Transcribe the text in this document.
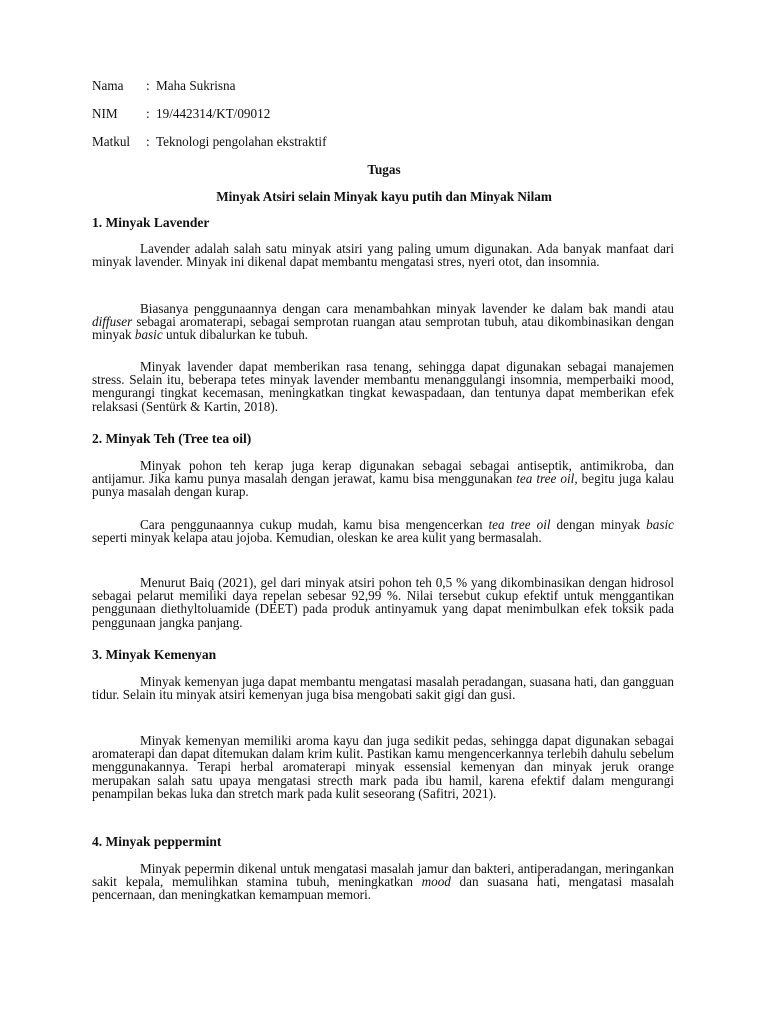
Nama : Maha Sukrisna
NIM : 19/442314/KT/09012
Matkul : Teknologi pengolahan ekstraktif
Tugas
Minyak Atsiri selain Minyak kayu putih dan Minyak Nilam
1. Minyak Lavender

Lavender adalah salah satu minyak atsiri yang paling umum digunakan. Ada banyak manfaat dari minyak lavender. Minyak ini dikenal dapat membantu mengatasi stres, nyeri otot, dan insomnia.

Biasanya penggunaannya dengan cara menambahkan minyak lavender ke dalam bak mandi atau diffuser sebagai aromaterapi, sebagai semprotan ruangan atau semprotan tubuh, atau dikombinasikan dengan minyak basic untuk dibalurkan ke tubuh.

Minyak lavender dapat memberikan rasa tenang, sehingga dapat digunakan sebagai manajemen stress. Selain itu, beberapa tetes minyak lavender membantu menanggulangi insomnia, memperbaiki mood, mengurangi tingkat kecemasan, meningkatkan tingkat kewaspadaan, dan tentunya dapat memberikan efek relaksasi (Sentürk & Kartin, 2018).

2. Minyak Teh (Tree tea oil)

Minyak pohon teh kerap juga kerap digunakan sebagai sebagai antiseptik, antimikroba, dan antijamur. Jika kamu punya masalah dengan jerawat, kamu bisa menggunakan tea tree oil, begitu juga kalau punya masalah dengan kurap.

Cara penggunaannya cukup mudah, kamu bisa mengencerkan tea tree oil dengan minyak basic seperti minyak kelapa atau jojoba. Kemudian, oleskan ke area kulit yang bermasalah.

Menurut Baiq (2021), gel dari minyak atsiri pohon teh 0,5 % yang dikombinasikan dengan hidrosol sebagai pelarut memiliki daya repelan sebesar 92,99 %. Nilai tersebut cukup efektif untuk menggantikan penggunaan diethyltoluamide (DEET) pada produk antinyamuk yang dapat menimbulkan efek toksik pada penggunaan jangka panjang.

3. Minyak Kemenyan

Minyak kemenyan juga dapat membantu mengatasi masalah peradangan, suasana hati, dan gangguan tidur. Selain itu minyak atsiri kemenyan juga bisa mengobati sakit gigi dan gusi.

Minyak kemenyan memiliki aroma kayu dan juga sedikit pedas, sehingga dapat digunakan sebagai aromaterapi dan dapat ditemukan dalam krim kulit. Pastikan kamu mengencerkannya terlebih dahulu sebelum menggunakannya. Terapi herbal aromaterapi minyak essensial kemenyan dan minyak jeruk orange merupakan salah satu upaya mengatasi strecth mark pada ibu hamil, karena efektif dalam mengurangi penampilan bekas luka dan stretch mark pada kulit seseorang (Safitri, 2021).

4. Minyak peppermint

Minyak pepermin dikenal untuk mengatasi masalah jamur dan bakteri, antiperadangan, meringankan sakit kepala, memulihkan stamina tubuh, meningkatkan mood dan suasana hati, mengatasi masalah pencernaan, dan meningkatkan kemampuan memori.
